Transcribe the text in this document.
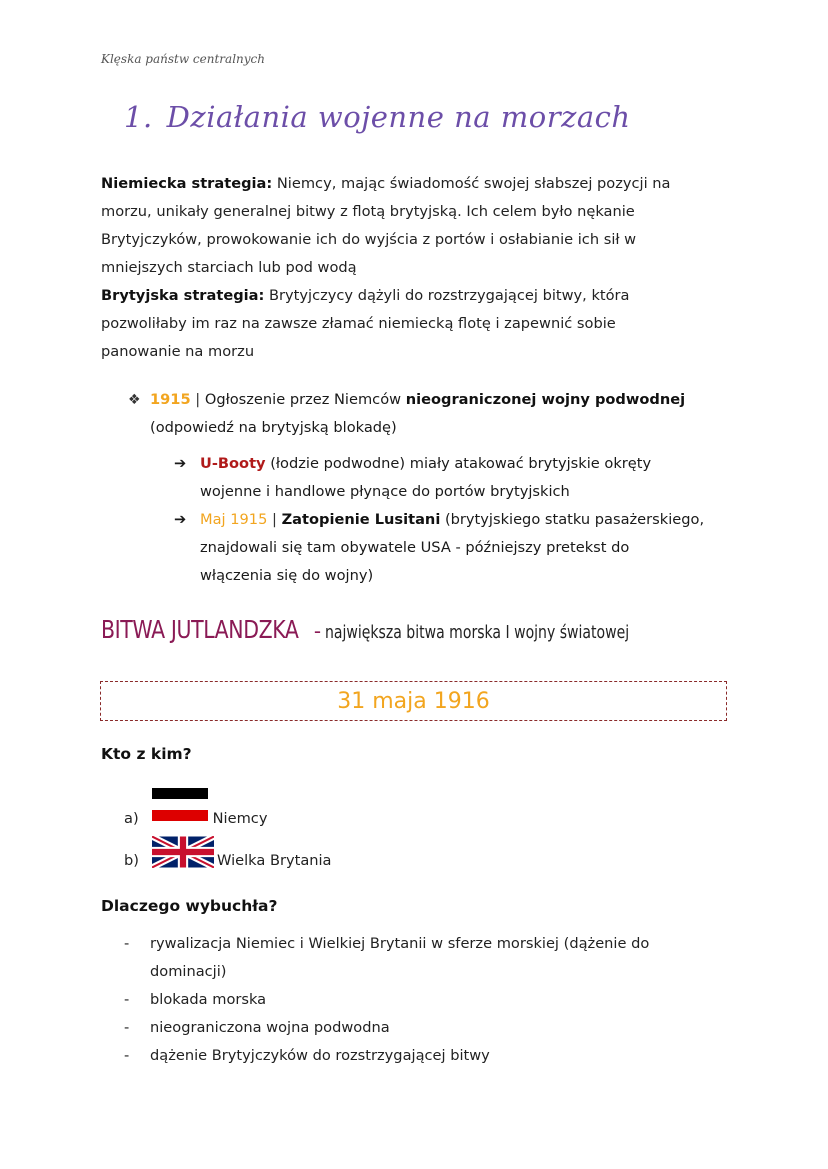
Klęska państw centralnych
1. Działania wojenne na morzach
Niemiecka strategia: Niemcy, mając świadomość swojej słabszej pozycji na
morzu, unikały generalnej bitwy z flotą brytyjską. Ich celem było nękanie
Brytyjczyków, prowokowanie ich do wyjścia z portów i osłabianie ich sił w
mniejszych starciach lub pod wodą
Brytyjska strategia: Brytyjczycy dążyli do rozstrzygającej bitwy, która
pozwoliłaby im raz na zawsze złamać niemiecką flotę i zapewnić sobie
panowanie na morzu
❖ 1915 | Ogłoszenie przez Niemców nieograniczonej wojny podwodnej
(odpowiedź na brytyjską blokadę)
➔ U-Booty (łodzie podwodne) miały atakować brytyjskie okręty
wojenne i handlowe płynące do portów brytyjskich
➔ Maj 1915 | Zatopienie Lusitani (brytyjskiego statku pasażerskiego,
znajdowali się tam obywatele USA - późniejszy pretekst do
włączenia się do wojny)
BITWA JUTLANDZKA - największa bitwa morska I wojny światowej
31 maja 1916
Kto z kim?
a)	Niemcy
b)	Wielka Brytania
Dlaczego wybuchła?
- rywalizacja Niemiec i Wielkiej Brytanii w sferze morskiej (dążenie do
dominacji)
- blokada morska
- nieograniczona wojna podwodna
- dążenie Brytyjczyków do rozstrzygającej bitwy
